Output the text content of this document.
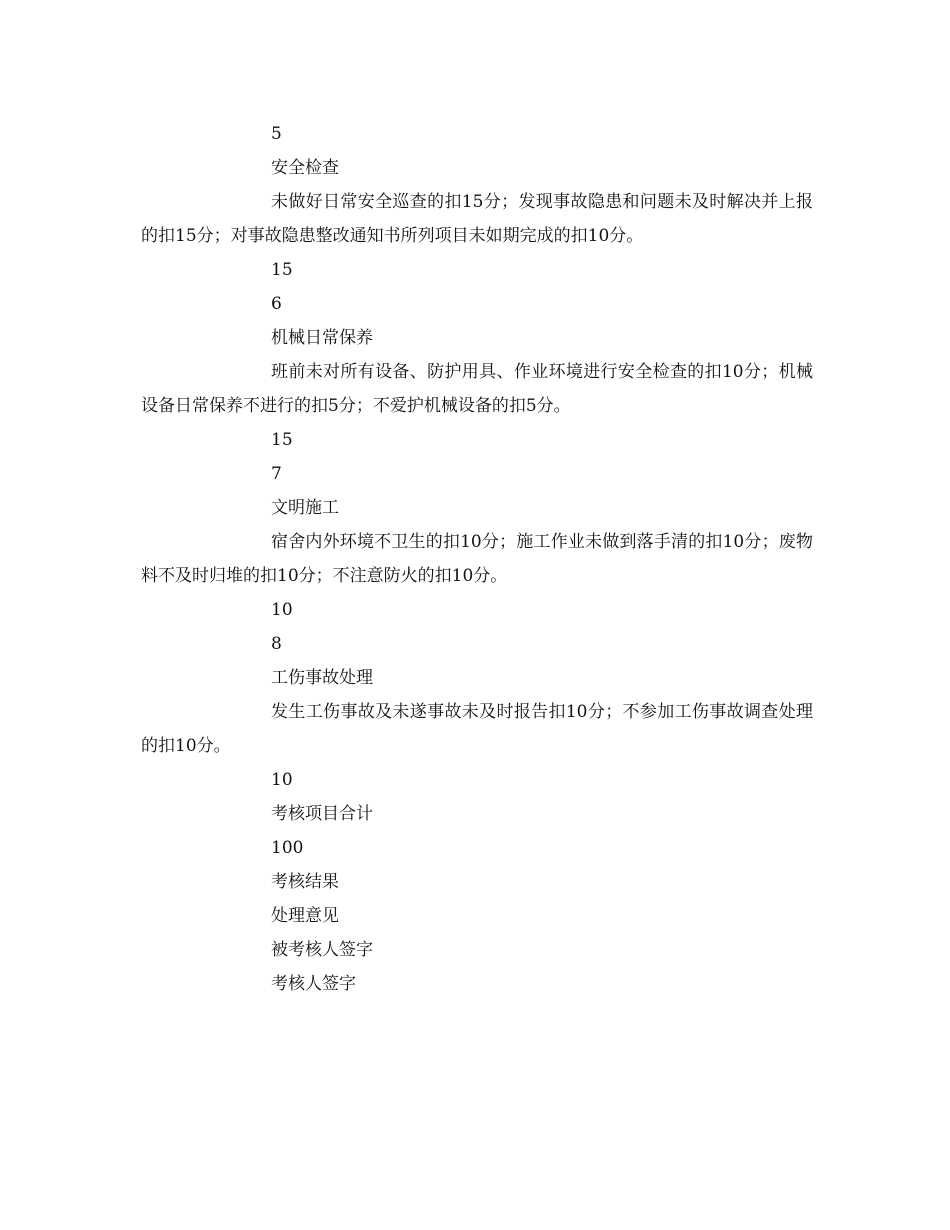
5

安全检查

未做好日常安全巡查的扣15分；发现事故隐患和问题未及时解决并上报的扣15分；对事故隐患整改通知书所列项目未如期完成的扣10分。

15

6

机械日常保养

班前未对所有设备、防护用具、作业环境进行安全检查的扣10分；机械设备日常保养不进行的扣5分；不爱护机械设备的扣5分。

15

7

文明施工

宿舍内外环境不卫生的扣10分；施工作业未做到落手清的扣10分；废物料不及时归堆的扣10分；不注意防火的扣10分。

10

8

工伤事故处理

发生工伤事故及未遂事故未及时报告扣10分；不参加工伤事故调查处理的扣10分。

10

考核项目合计

100

考核结果

处理意见

被考核人签字

考核人签字
